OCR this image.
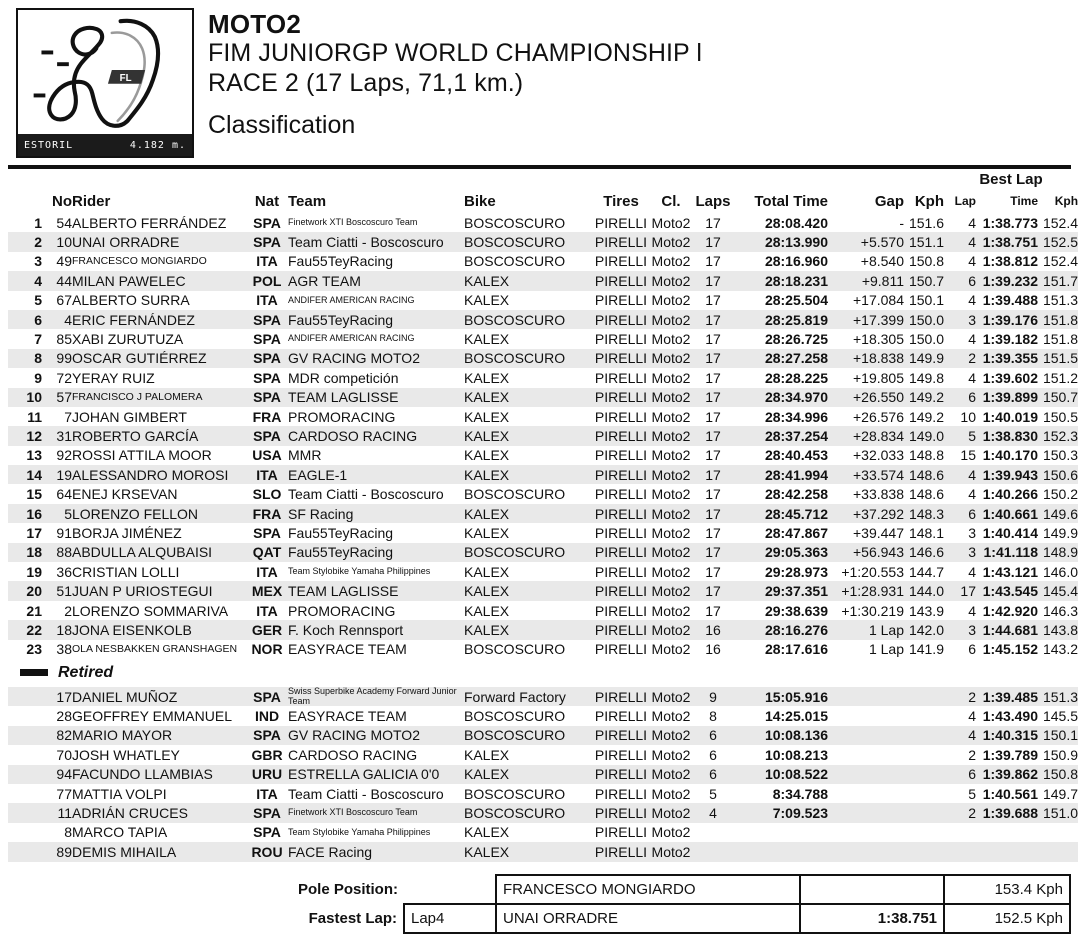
FL
ESTORIL	4.182 m.
MOTO2
FIM JUNIORGP WORLD CHAMPIONSHIP l
RACE 2 (17 Laps, 71,1 km.)
Classification
												Best Lap		
	No	Rider	Nat	Team	Bike	Tires	Cl.	Laps	Total Time	Gap	Kph	Lap	Time	Kph
1	54	ALBERTO FERRÁNDEZ	SPA	Finetwork XTI Boscoscuro Team	BOSCOSCURO	PIRELLI	Moto2	17	28:08.420	-	151.6	4	1:38.773	152.4
2	10	UNAI ORRADRE	SPA	Team Ciatti - Boscoscuro	BOSCOSCURO	PIRELLI	Moto2	17	28:13.990	+5.570	151.1	4	1:38.751	152.5
3	49	FRANCESCO MONGIARDO	ITA	Fau55TeyRacing	BOSCOSCURO	PIRELLI	Moto2	17	28:16.960	+8.540	150.8	4	1:38.812	152.4
4	44	MILAN PAWELEC	POL	AGR TEAM	KALEX	PIRELLI	Moto2	17	28:18.231	+9.811	150.7	6	1:39.232	151.7
5	67	ALBERTO SURRA	ITA	ANDIFER AMERICAN RACING	KALEX	PIRELLI	Moto2	17	28:25.504	+17.084	150.1	4	1:39.488	151.3
6	4	ERIC FERNÁNDEZ	SPA	Fau55TeyRacing	BOSCOSCURO	PIRELLI	Moto2	17	28:25.819	+17.399	150.0	3	1:39.176	151.8
7	85	XABI ZURUTUZA	SPA	ANDIFER AMERICAN RACING	KALEX	PIRELLI	Moto2	17	28:26.725	+18.305	150.0	4	1:39.182	151.8
8	99	OSCAR GUTIÉRREZ	SPA	GV RACING MOTO2	BOSCOSCURO	PIRELLI	Moto2	17	28:27.258	+18.838	149.9	2	1:39.355	151.5
9	72	YERAY RUIZ	SPA	MDR competición	KALEX	PIRELLI	Moto2	17	28:28.225	+19.805	149.8	4	1:39.602	151.2
10	57	FRANCISCO J PALOMERA	SPA	TEAM LAGLISSE	KALEX	PIRELLI	Moto2	17	28:34.970	+26.550	149.2	6	1:39.899	150.7
11	7	JOHAN GIMBERT	FRA	PROMORACING	KALEX	PIRELLI	Moto2	17	28:34.996	+26.576	149.2	10	1:40.019	150.5
12	31	ROBERTO GARCÍA	SPA	CARDOSO RACING	KALEX	PIRELLI	Moto2	17	28:37.254	+28.834	149.0	5	1:38.830	152.3
13	92	ROSSI ATTILA MOOR	USA	MMR	KALEX	PIRELLI	Moto2	17	28:40.453	+32.033	148.8	15	1:40.170	150.3
14	19	ALESSANDRO MOROSI	ITA	EAGLE-1	KALEX	PIRELLI	Moto2	17	28:41.994	+33.574	148.6	4	1:39.943	150.6
15	64	ENEJ KRSEVAN	SLO	Team Ciatti - Boscoscuro	BOSCOSCURO	PIRELLI	Moto2	17	28:42.258	+33.838	148.6	4	1:40.266	150.2
16	5	LORENZO FELLON	FRA	SF Racing	KALEX	PIRELLI	Moto2	17	28:45.712	+37.292	148.3	6	1:40.661	149.6
17	91	BORJA JIMÉNEZ	SPA	Fau55TeyRacing	KALEX	PIRELLI	Moto2	17	28:47.867	+39.447	148.1	3	1:40.414	149.9
18	88	ABDULLA ALQUBAISI	QAT	Fau55TeyRacing	BOSCOSCURO	PIRELLI	Moto2	17	29:05.363	+56.943	146.6	3	1:41.118	148.9
19	36	CRISTIAN LOLLI	ITA	Team Stylobike Yamaha Philippines	KALEX	PIRELLI	Moto2	17	29:28.973	+1:20.553	144.7	4	1:43.121	146.0
20	51	JUAN P URIOSTEGUI	MEX	TEAM LAGLISSE	KALEX	PIRELLI	Moto2	17	29:37.351	+1:28.931	144.0	17	1:43.545	145.4
21	2	LORENZO SOMMARIVA	ITA	PROMORACING	KALEX	PIRELLI	Moto2	17	29:38.639	+1:30.219	143.9	4	1:42.920	146.3
22	18	JONA EISENKOLB	GER	F. Koch Rennsport	KALEX	PIRELLI	Moto2	16	28:16.276	1 Lap	142.0	3	1:44.681	143.8
23	38	OLA NESBAKKEN GRANSHAGEN	NOR	EASYRACE TEAM	BOSCOSCURO	PIRELLI	Moto2	16	28:17.616	1 Lap	141.9	6	1:45.152	143.2
Retired														
	17	DANIEL MUÑOZ	SPA	Swiss Superbike Academy Forward Junior Team	Forward Factory	PIRELLI	Moto2	9	15:05.916			2	1:39.485	151.3
	28	GEOFFREY EMMANUEL	IND	EASYRACE TEAM	BOSCOSCURO	PIRELLI	Moto2	8	14:25.015			4	1:43.490	145.5
	82	MARIO MAYOR	SPA	GV RACING MOTO2	BOSCOSCURO	PIRELLI	Moto2	6	10:08.136			4	1:40.315	150.1
	70	JOSH WHATLEY	GBR	CARDOSO RACING	KALEX	PIRELLI	Moto2	6	10:08.213			2	1:39.789	150.9
	94	FACUNDO LLAMBIAS	URU	ESTRELLA GALICIA 0'0	KALEX	PIRELLI	Moto2	6	10:08.522			6	1:39.862	150.8
	77	MATTIA VOLPI	ITA	Team Ciatti - Boscoscuro	BOSCOSCURO	PIRELLI	Moto2	5	8:34.788			5	1:40.561	149.7
	11	ADRIÁN CRUCES	SPA	Finetwork XTI Boscoscuro Team	BOSCOSCURO	PIRELLI	Moto2	4	7:09.523			2	1:39.688	151.0
	8	MARCO TAPIA	SPA	Team Stylobike Yamaha Philippines	KALEX	PIRELLI	Moto2							
	89	DEMIS MIHAILA	ROU	FACE Racing	KALEX	PIRELLI	Moto2							
Pole Position:		FRANCESCO MONGIARDO		153.4 Kph
Fastest Lap:	Lap4	UNAI ORRADRE	1:38.751	152.5 Kph
